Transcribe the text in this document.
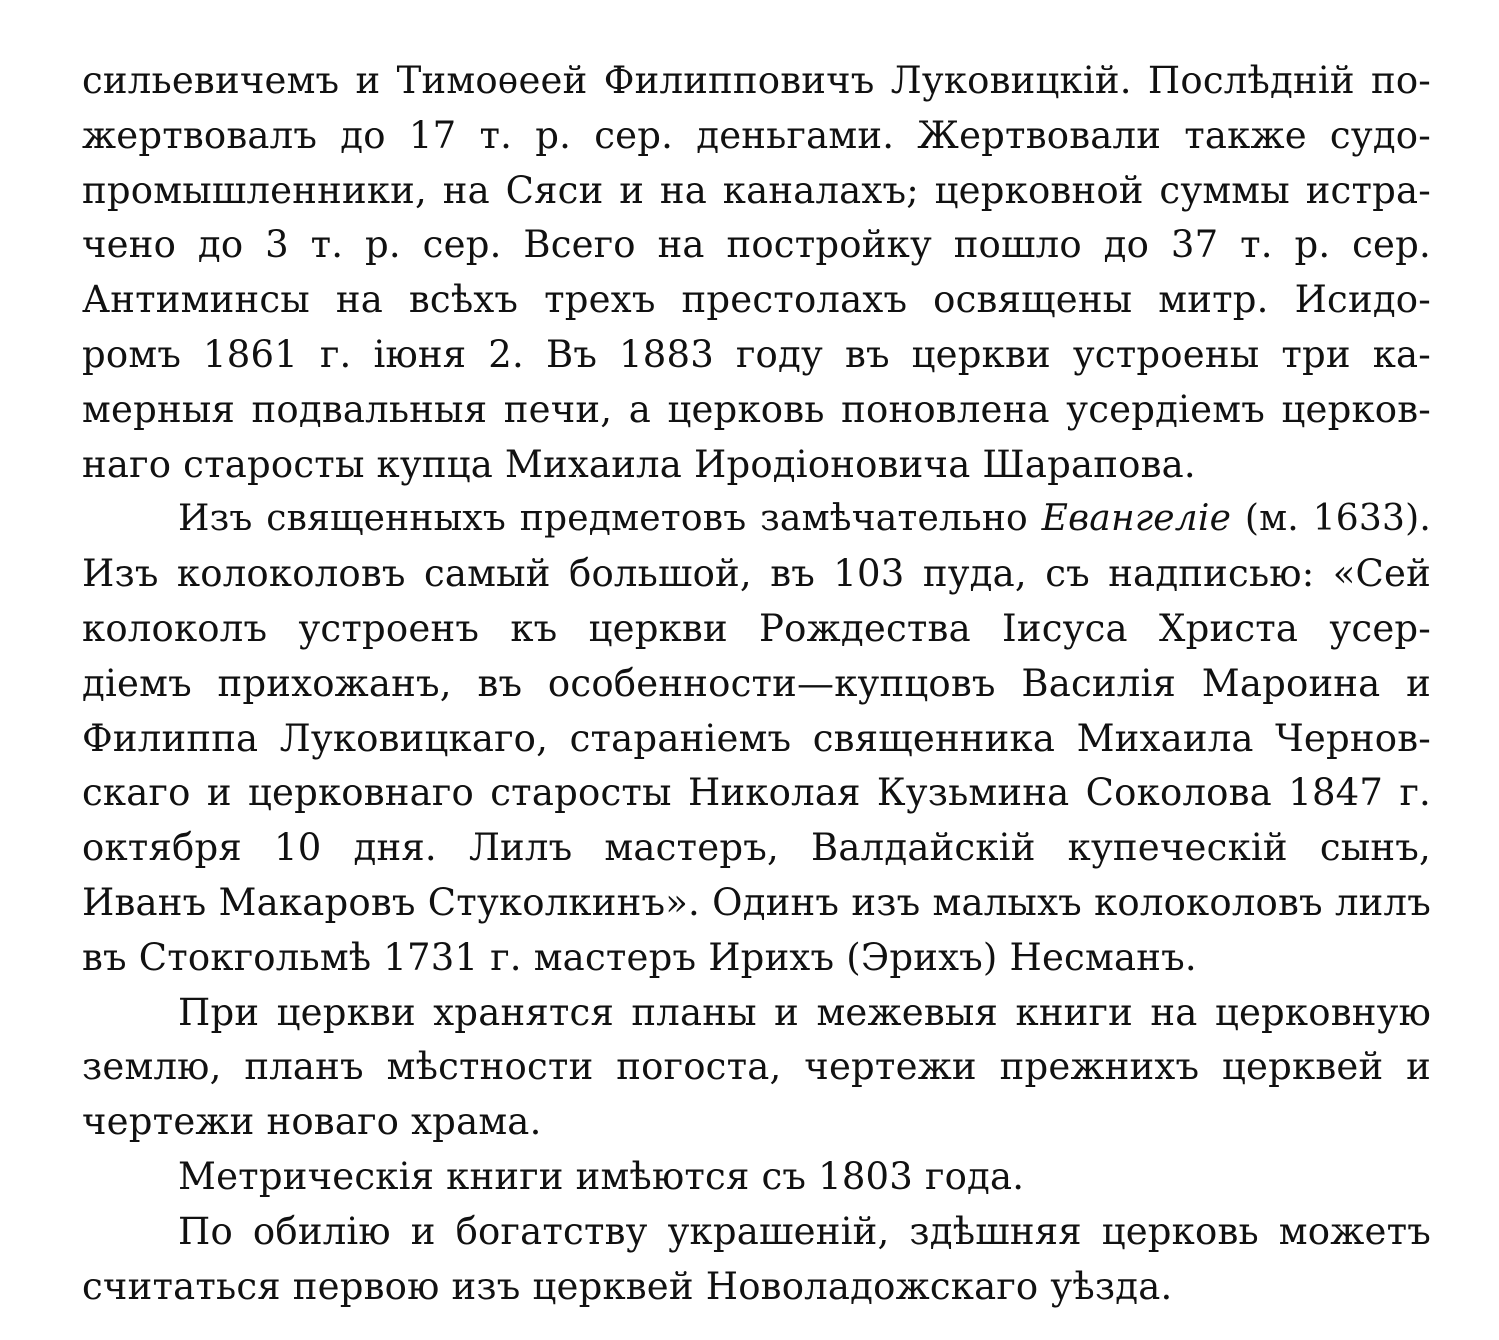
сильевичемъ и Тимоѳеей Филипповичъ Луковицкій. Послѣдній по-
жертвовалъ до 17 т. р. сер. деньгами. Жертвовали также судо-
промышленники, на Сяси и на каналахъ; церковной суммы истра-
чено до 3 т. р. сер. Всего на постройку пошло до 37 т. р. сер.
Антиминсы на всѣхъ трехъ престолахъ освящены митр. Исидо-
ромъ 1861 г. іюня 2. Въ 1883 году въ церкви устроены три ка-
мерныя подвальныя печи, а церковь поновлена усердіемъ церков-
наго старосты купца Михаила Иродіоновича Шарапова.
Изъ священныхъ предметовъ замѣчательно Евангеліе (м. 1633).
Изъ колоколовъ самый большой, въ 103 пуда, съ надписью: «Сей
колоколъ устроенъ къ церкви Рождества Іисуса Христа усер-
діемъ прихожанъ, въ особенности—купцовъ Василія Мароина и
Филиппа Луковицкаго, стараніемъ священника Михаила Чернов-
скаго и церковнаго старосты Николая Кузьмина Соколова 1847 г.
октября 10 дня. Лилъ мастеръ, Валдайскій купеческій сынъ,
Иванъ Макаровъ Стуколкинъ». Одинъ изъ малыхъ колоколовъ лилъ
въ Стокгольмѣ 1731 г. мастеръ Ирихъ (Эрихъ) Несманъ.
При церкви хранятся планы и межевыя книги на церковную
землю, планъ мѣстности погоста, чертежи прежнихъ церквей и
чертежи новаго храма.
Метрическія книги имѣются съ 1803 года.
По обилію и богатству украшеній, здѣшняя церковь можетъ
считаться первою изъ церквей Новоладожскаго уѣзда.
